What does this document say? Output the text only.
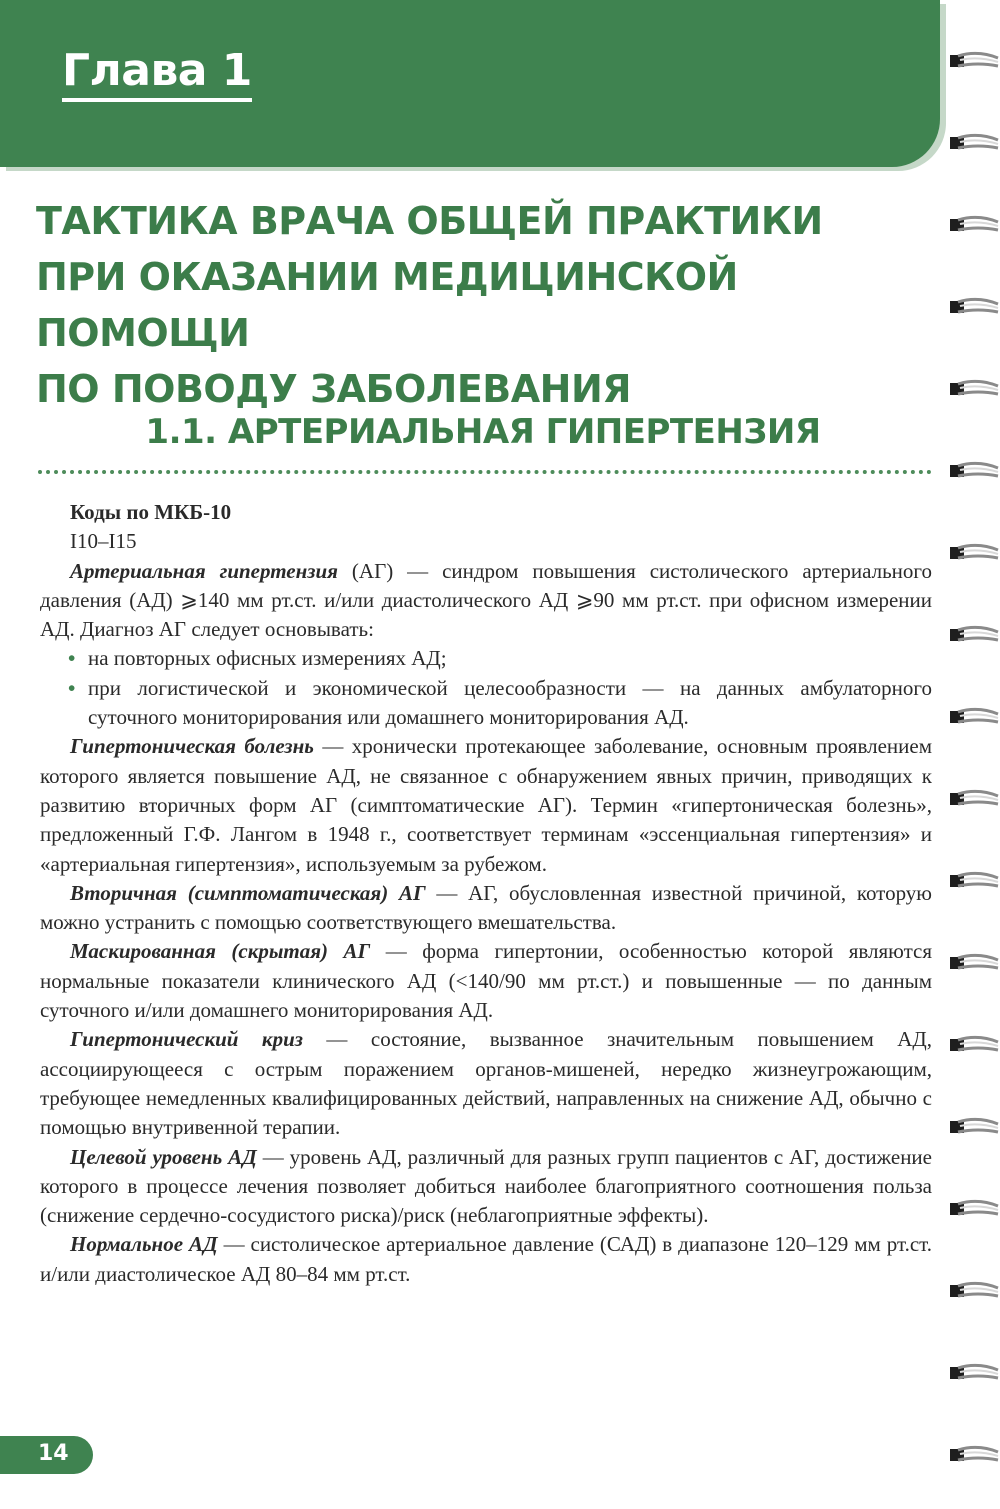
Глава 1
ТАКТИКА ВРАЧА ОБЩЕЙ ПРАКТИКИ
ПРИ ОКАЗАНИИ МЕДИЦИНСКОЙ ПОМОЩИ
ПО ПОВОДУ ЗАБОЛЕВАНИЯ
1.1. АРТЕРИАЛЬНАЯ ГИПЕРТЕНЗИЯ

Коды по МКБ-10

I10–I15

Артериальная гипертензия (АГ) — синдром повышения систолического артериального давления (АД) ⩾140 мм рт.ст. и/или диастолического АД ⩾90 мм рт.ст. при офисном измерении АД. Диагноз АГ следует основывать:

• на повторных офисных измерениях АД;
• при логистической и экономической целесообразности — на данных амбулаторного суточного мониторирования или домашнего мониторирования АД.

Гипертоническая болезнь — хронически протекающее заболевание, основным проявлением которого является повышение АД, не связанное с обнаружением явных причин, приводящих к развитию вторичных форм АГ (симптоматические АГ). Термин «гипертоническая болезнь», предложенный Г.Ф. Лангом в 1948 г., соответствует терминам «эссенциальная гипертензия» и «артериальная гипертензия», используемым за рубежом.

Вторичная (симптоматическая) АГ — АГ, обусловленная известной причиной, которую можно устранить с помощью соответствующего вмешательства.

Маскированная (скрытая) АГ — форма гипертонии, особенностью которой являются нормальные показатели клинического АД (<140/90 мм рт.ст.) и повышенные — по данным суточного и/или домашнего мониторирования АД.

Гипертонический криз — состояние, вызванное значительным повышением АД, ассоциирующееся с острым поражением органов-мишеней, нередко жизнеугрожающим, требующее немедленных квалифицированных действий, направленных на снижение АД, обычно с помощью внутривенной терапии.

Целевой уровень АД — уровень АД, различный для разных групп пациентов с АГ, достижение которого в процессе лечения позволяет добиться наиболее благоприятного соотношения польза (снижение сердечно-сосудистого риска)/риск (неблагоприятные эффекты).

Нормальное АД — систолическое артериальное давление (САД) в диапазоне 120–129 мм рт.ст. и/или диастолическое АД 80–84 мм рт.ст.

14
